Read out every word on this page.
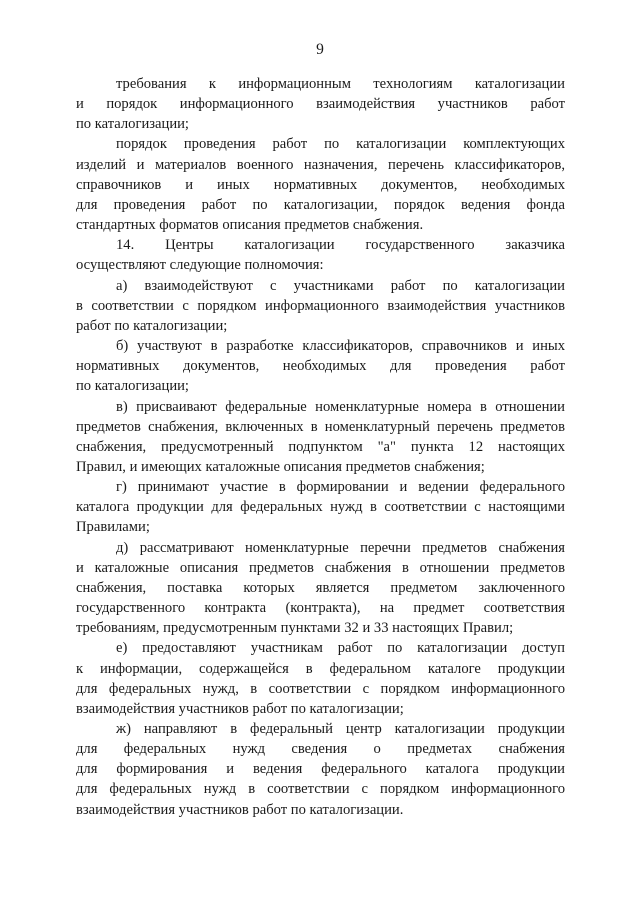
9

требования к информационным технологиям каталогизации

и порядок информационного взаимодействия участников работ

по каталогизации;

порядок проведения работ по каталогизации комплектующих

изделий и материалов военного назначения, перечень классификаторов,

справочников и иных нормативных документов, необходимых

для проведения работ по каталогизации, порядок ведения фонда

стандартных форматов описания предметов снабжения.

14. Центры каталогизации государственного заказчика

осуществляют следующие полномочия:

а) взаимодействуют с участниками работ по каталогизации

в соответствии с порядком информационного взаимодействия участников

работ по каталогизации;

б) участвуют в разработке классификаторов, справочников и иных

нормативных документов, необходимых для проведения работ

по каталогизации;

в) присваивают федеральные номенклатурные номера в отношении

предметов снабжения, включенных в номенклатурный перечень предметов

снабжения, предусмотренный подпунктом "а" пункта 12 настоящих

Правил, и имеющих каталожные описания предметов снабжения;

г) принимают участие в формировании и ведении федерального

каталога продукции для федеральных нужд в соответствии с настоящими

Правилами;

д) рассматривают номенклатурные перечни предметов снабжения

и каталожные описания предметов снабжения в отношении предметов

снабжения, поставка которых является предметом заключенного

государственного контракта (контракта), на предмет соответствия

требованиям, предусмотренным пунктами 32 и 33 настоящих Правил;

е) предоставляют участникам работ по каталогизации доступ

к информации, содержащейся в федеральном каталоге продукции

для федеральных нужд, в соответствии с порядком информационного

взаимодействия участников работ по каталогизации;

ж) направляют в федеральный центр каталогизации продукции

для федеральных нужд сведения о предметах снабжения

для формирования и ведения федерального каталога продукции

для федеральных нужд в соответствии с порядком информационного

взаимодействия участников работ по каталогизации.
